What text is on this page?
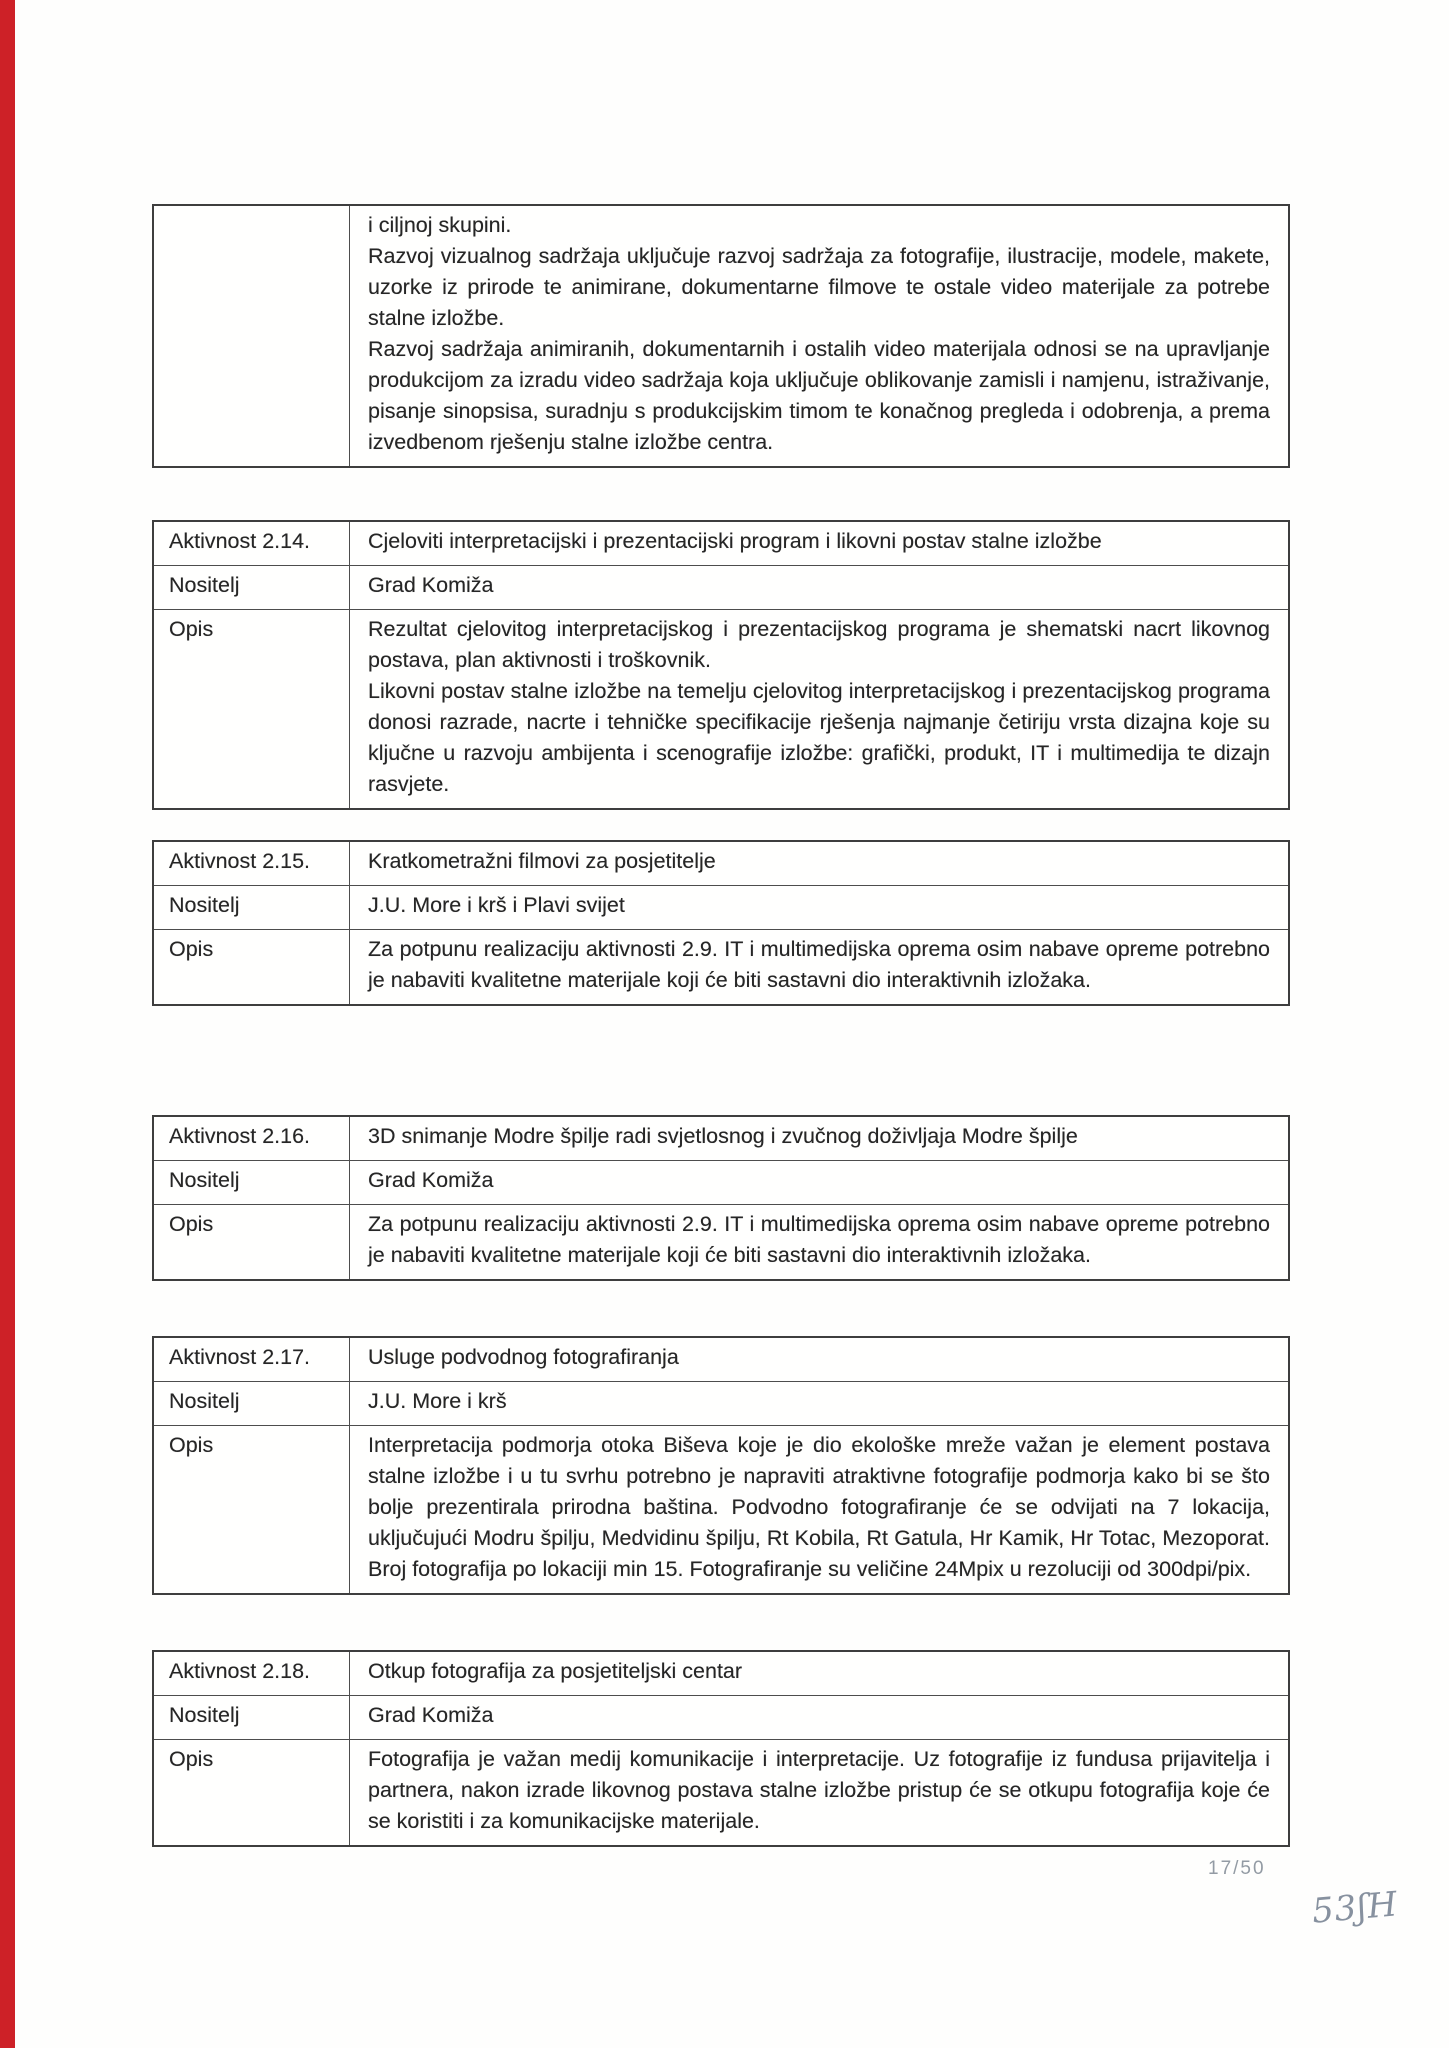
i ciljnoj skupini.

Razvoj vizualnog sadržaja uključuje razvoj sadržaja za fotografije, ilustracije, modele, makete, uzorke iz prirode te animirane, dokumentarne filmove te ostale video materijale za potrebe stalne izložbe.

Razvoj sadržaja animiranih, dokumentarnih i ostalih video materijala odnosi se na upravljanje produkcijom za izradu video sadržaja koja uključuje oblikovanje zamisli i namjenu, istraživanje, pisanje sinopsisa, suradnju s produkcijskim timom te konačnog pregleda i odobrenja, a prema izvedbenom rješenju stalne izložbe centra.

Aktivnost 2.14.	Cjeloviti interpretacijski i prezentacijski program i likovni postav stalne izložbe
Nositelj	Grad Komiža
Opis	Rezultat cjelovitog interpretacijskog i prezentacijskog programa je shematski nacrt likovnog postava, plan aktivnosti i troškovnik.

Likovni postav stalne izložbe na temelju cjelovitog interpretacijskog i prezentacijskog programa donosi razrade, nacrte i tehničke specifikacije rješenja najmanje četiriju vrsta dizajna koje su ključne u razvoju ambijenta i scenografije izložbe: grafički, produkt, IT i multimedija te dizajn rasvjete.

Aktivnost 2.15.	Kratkometražni filmovi za posjetitelje
Nositelj	J.U. More i krš i Plavi svijet
Opis	Za potpunu realizaciju aktivnosti 2.9. IT i multimedijska oprema osim nabave opreme potrebno je nabaviti kvalitetne materijale koji će biti sastavni dio interaktivnih izložaka.

Aktivnost 2.16.	3D snimanje Modre špilje radi svjetlosnog i zvučnog doživljaja Modre špilje
Nositelj	Grad Komiža
Opis	Za potpunu realizaciju aktivnosti 2.9. IT i multimedijska oprema osim nabave opreme potrebno je nabaviti kvalitetne materijale koji će biti sastavni dio interaktivnih izložaka.

Aktivnost 2.17.	Usluge podvodnog fotografiranja
Nositelj	J.U. More i krš
Opis	Interpretacija podmorja otoka Biševa koje je dio ekološke mreže važan je element postava stalne izložbe i u tu svrhu potrebno je napraviti atraktivne fotografije podmorja kako bi se što bolje prezentirala prirodna baština. Podvodno fotografiranje će se odvijati na 7 lokacija, uključujući Modru špilju, Medvidinu špilju, Rt Kobila, Rt Gatula, Hr Kamik, Hr Totac, Mezoporat. Broj fotografija po lokaciji min 15. Fotografiranje su veličine 24Mpix u rezoluciji od 300dpi/pix.

Aktivnost 2.18.	Otkup fotografija za posjetiteljski centar
Nositelj	Grad Komiža
Opis	Fotografija je važan medij komunikacije i interpretacije. Uz fotografije iz fundusa prijavitelja i partnera, nakon izrade likovnog postava stalne izložbe pristup će se otkupu fotografija koje će se koristiti i za komunikacijske materijale.

17/50
53ʃH
